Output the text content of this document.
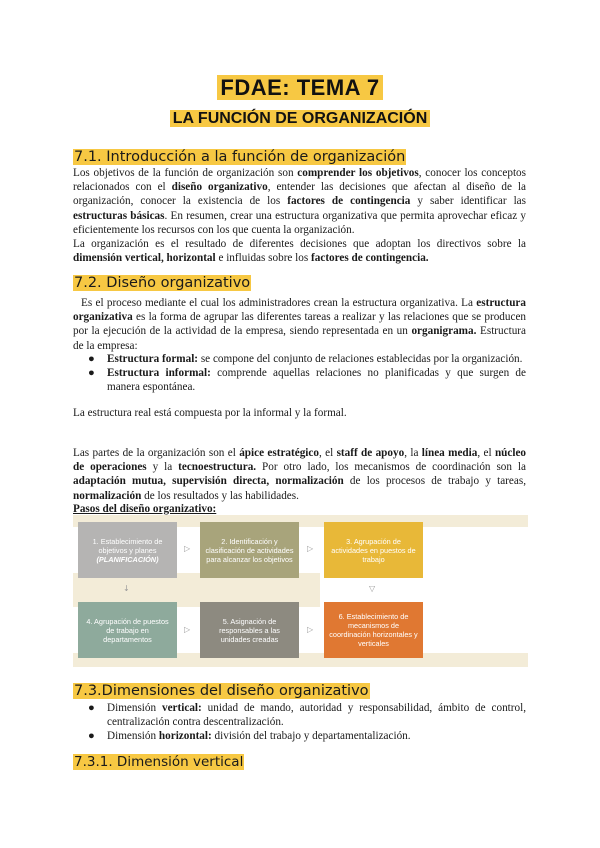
FDAE: TEMA 7
LA FUNCIÓN DE ORGANIZACIÓN
7.1. Introducción a la función de organización
Los objetivos de la función de organización son comprender los objetivos, conocer los conceptos relacionados con el diseño organizativo, entender las decisiones que afectan al diseño de la organización, conocer la existencia de los factores de contingencia y saber identificar las estructuras básicas. En resumen, crear una estructura organizativa que permita aprovechar eficaz y eficientemente los recursos con los que cuenta la organización.
La organización es el resultado de diferentes decisiones que adoptan los directivos sobre la dimensión vertical, horizontal e influidas sobre los factores de contingencia.
7.2. Diseño organizativo
Es el proceso mediante el cual los administradores crean la estructura organizativa. La estructura organizativa es la forma de agrupar las diferentes tareas a realizar y las relaciones que se producen por la ejecución de la actividad de la empresa, siendo representada en un organigrama. Estructura de la empresa:
● Estructura formal: se compone del conjunto de relaciones establecidas por la organización.
● Estructura informal: comprende aquellas relaciones no planificadas y que surgen de manera espontánea.
La estructura real está compuesta por la informal y la formal.
Las partes de la organización son el ápice estratégico, el staff de apoyo, la línea media, el núcleo de operaciones y la tecnoestructura. Por otro lado, los mecanismos de coordinación son la adaptación mutua, supervisión directa, normalización de los procesos de trabajo y tareas, normalización de los resultados y las habilidades.
Pasos del diseño organizativo:
1. Establecimiento de objetivos y planes
(PLANIFICACIÓN)
2. Identificación y clasificación de actividades para alcanzar los objetivos
3. Agrupación de actividades en puestos de trabajo
4. Agrupación de puestos de trabajo en departamentos
5. Asignación de responsables a las unidades creadas
6. Establecimiento de mecanismos de coordinación horizontales y verticales
▷	▷
▷	▷
▽
↓
7.3.Dimensiones del diseño organizativo
● Dimensión vertical: unidad de mando, autoridad y responsabilidad, ámbito de control, centralización contra descentralización.
● Dimensión horizontal: división del trabajo y departamentalización.
7.3.1. Dimensión vertical
